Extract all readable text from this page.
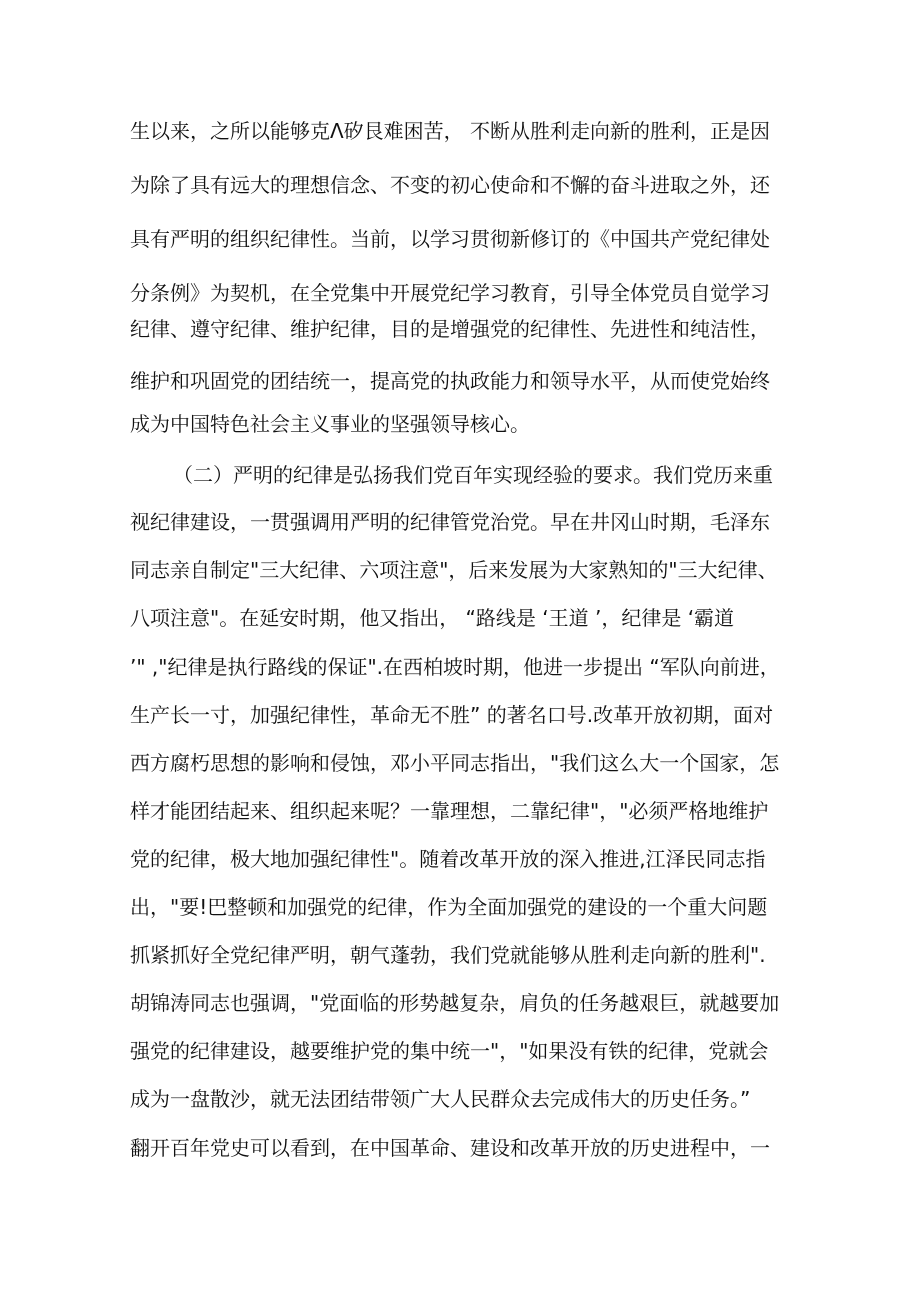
生以来，之所以能够克Λ矽艮难困苦， 不断从胜利走向新的胜利，正是因
为除了具有远大的理想信念、不变的初心使命和不懈的奋斗进取之外，还
具有严明的组织纪律性。当前，以学习贯彻新修订的《中国共产党纪律处
分条例》为契机，在全党集中开展党纪学习教育，引导全体党员自觉学习
纪律、遵守纪律、维护纪律，目的是增强党的纪律性、先进性和纯洁性，
维护和巩固党的团结统一，提高党的执政能力和领导水平，从而使党始终
成为中国特色社会主义事业的坚强领导核心。
（二）严明的纪律是弘扬我们党百年实现经验的要求。我们党历来重
视纪律建设，一贯强调用严明的纪律管党治党。早在井冈山时期，毛泽东
同志亲自制定"三大纪律、六项注意"，后来发展为大家熟知的"三大纪律、
八项注意"。在延安时期，他又指出， “路线是 ‘王道 ’，纪律是 ‘霸道
’" ,"纪律是执行路线的保证".在西柏坡时期，他进一步提出 “军队向前进，
生产长一寸，加强纪律性，革命无不胜” 的著名口号.改革开放初期，面对
西方腐朽思想的影响和侵蚀，邓小平同志指出，"我们这么大一个国家，怎
样才能团结起来、组织起来呢？一靠理想，二靠纪律"，"必须严格地维护
党的纪律，极大地加强纪律性"。随着改革开放的深入推进,江泽民同志指
出，"要!巴整顿和加强党的纪律，作为全面加强党的建设的一个重大问题
抓紧抓好全党纪律严明，朝气蓬勃，我们党就能够从胜利走向新的胜利".
胡锦涛同志也强调，"党面临的形势越复杂，肩负的任务越艰巨，就越要加
强党的纪律建设，越要维护党的集中统一"，"如果没有铁的纪律，党就会
成为一盘散沙，就无法团结带领广大人民群众去完成伟大的历史任务。”
翻开百年党史可以看到，在中国革命、建设和改革开放的历史进程中，一
